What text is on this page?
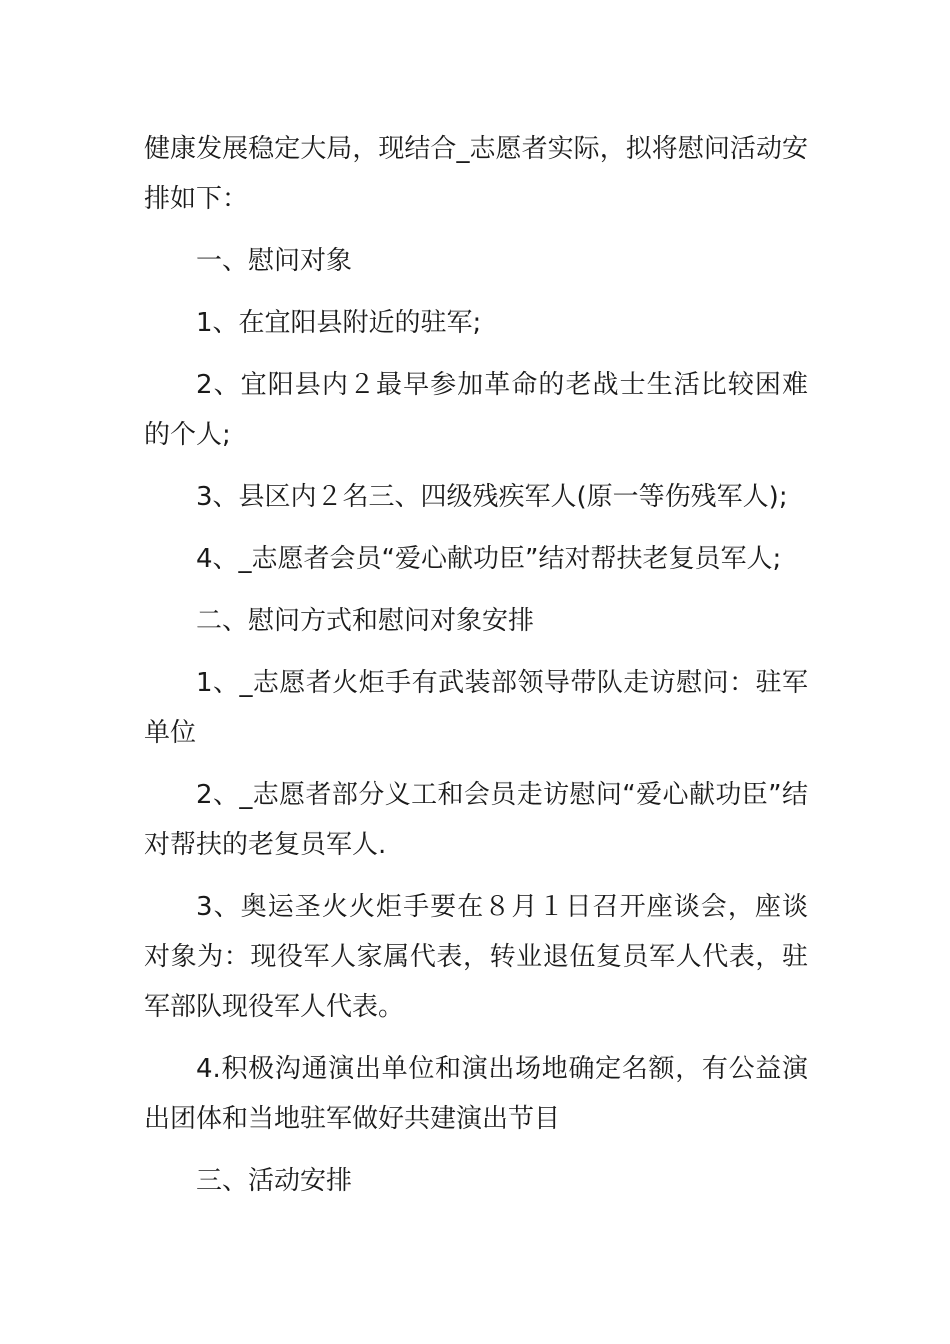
健康发展稳定大局，现结合_志愿者实际，拟将慰问活动安排如下：

一、慰问对象

1、在宜阳县附近的驻军;

2、宜阳县内２最早参加革命的老战士生活比较困难的个人;

3、县区内２名三、四级残疾军人(原一等伤残军人);

4、_志愿者会员“爱心献功臣”结对帮扶老复员军人;

二、慰问方式和慰问对象安排

1、_志愿者火炬手有武装部领导带队走访慰问：驻军单位

2、_志愿者部分义工和会员走访慰问“爱心献功臣”结对帮扶的老复员军人.

3、奥运圣火火炬手要在８月１日召开座谈会，座谈对象为：现役军人家属代表，转业退伍复员军人代表，驻军部队现役军人代表。

4.积极沟通演出单位和演出场地确定名额，有公益演出团体和当地驻军做好共建演出节目

三、活动安排
